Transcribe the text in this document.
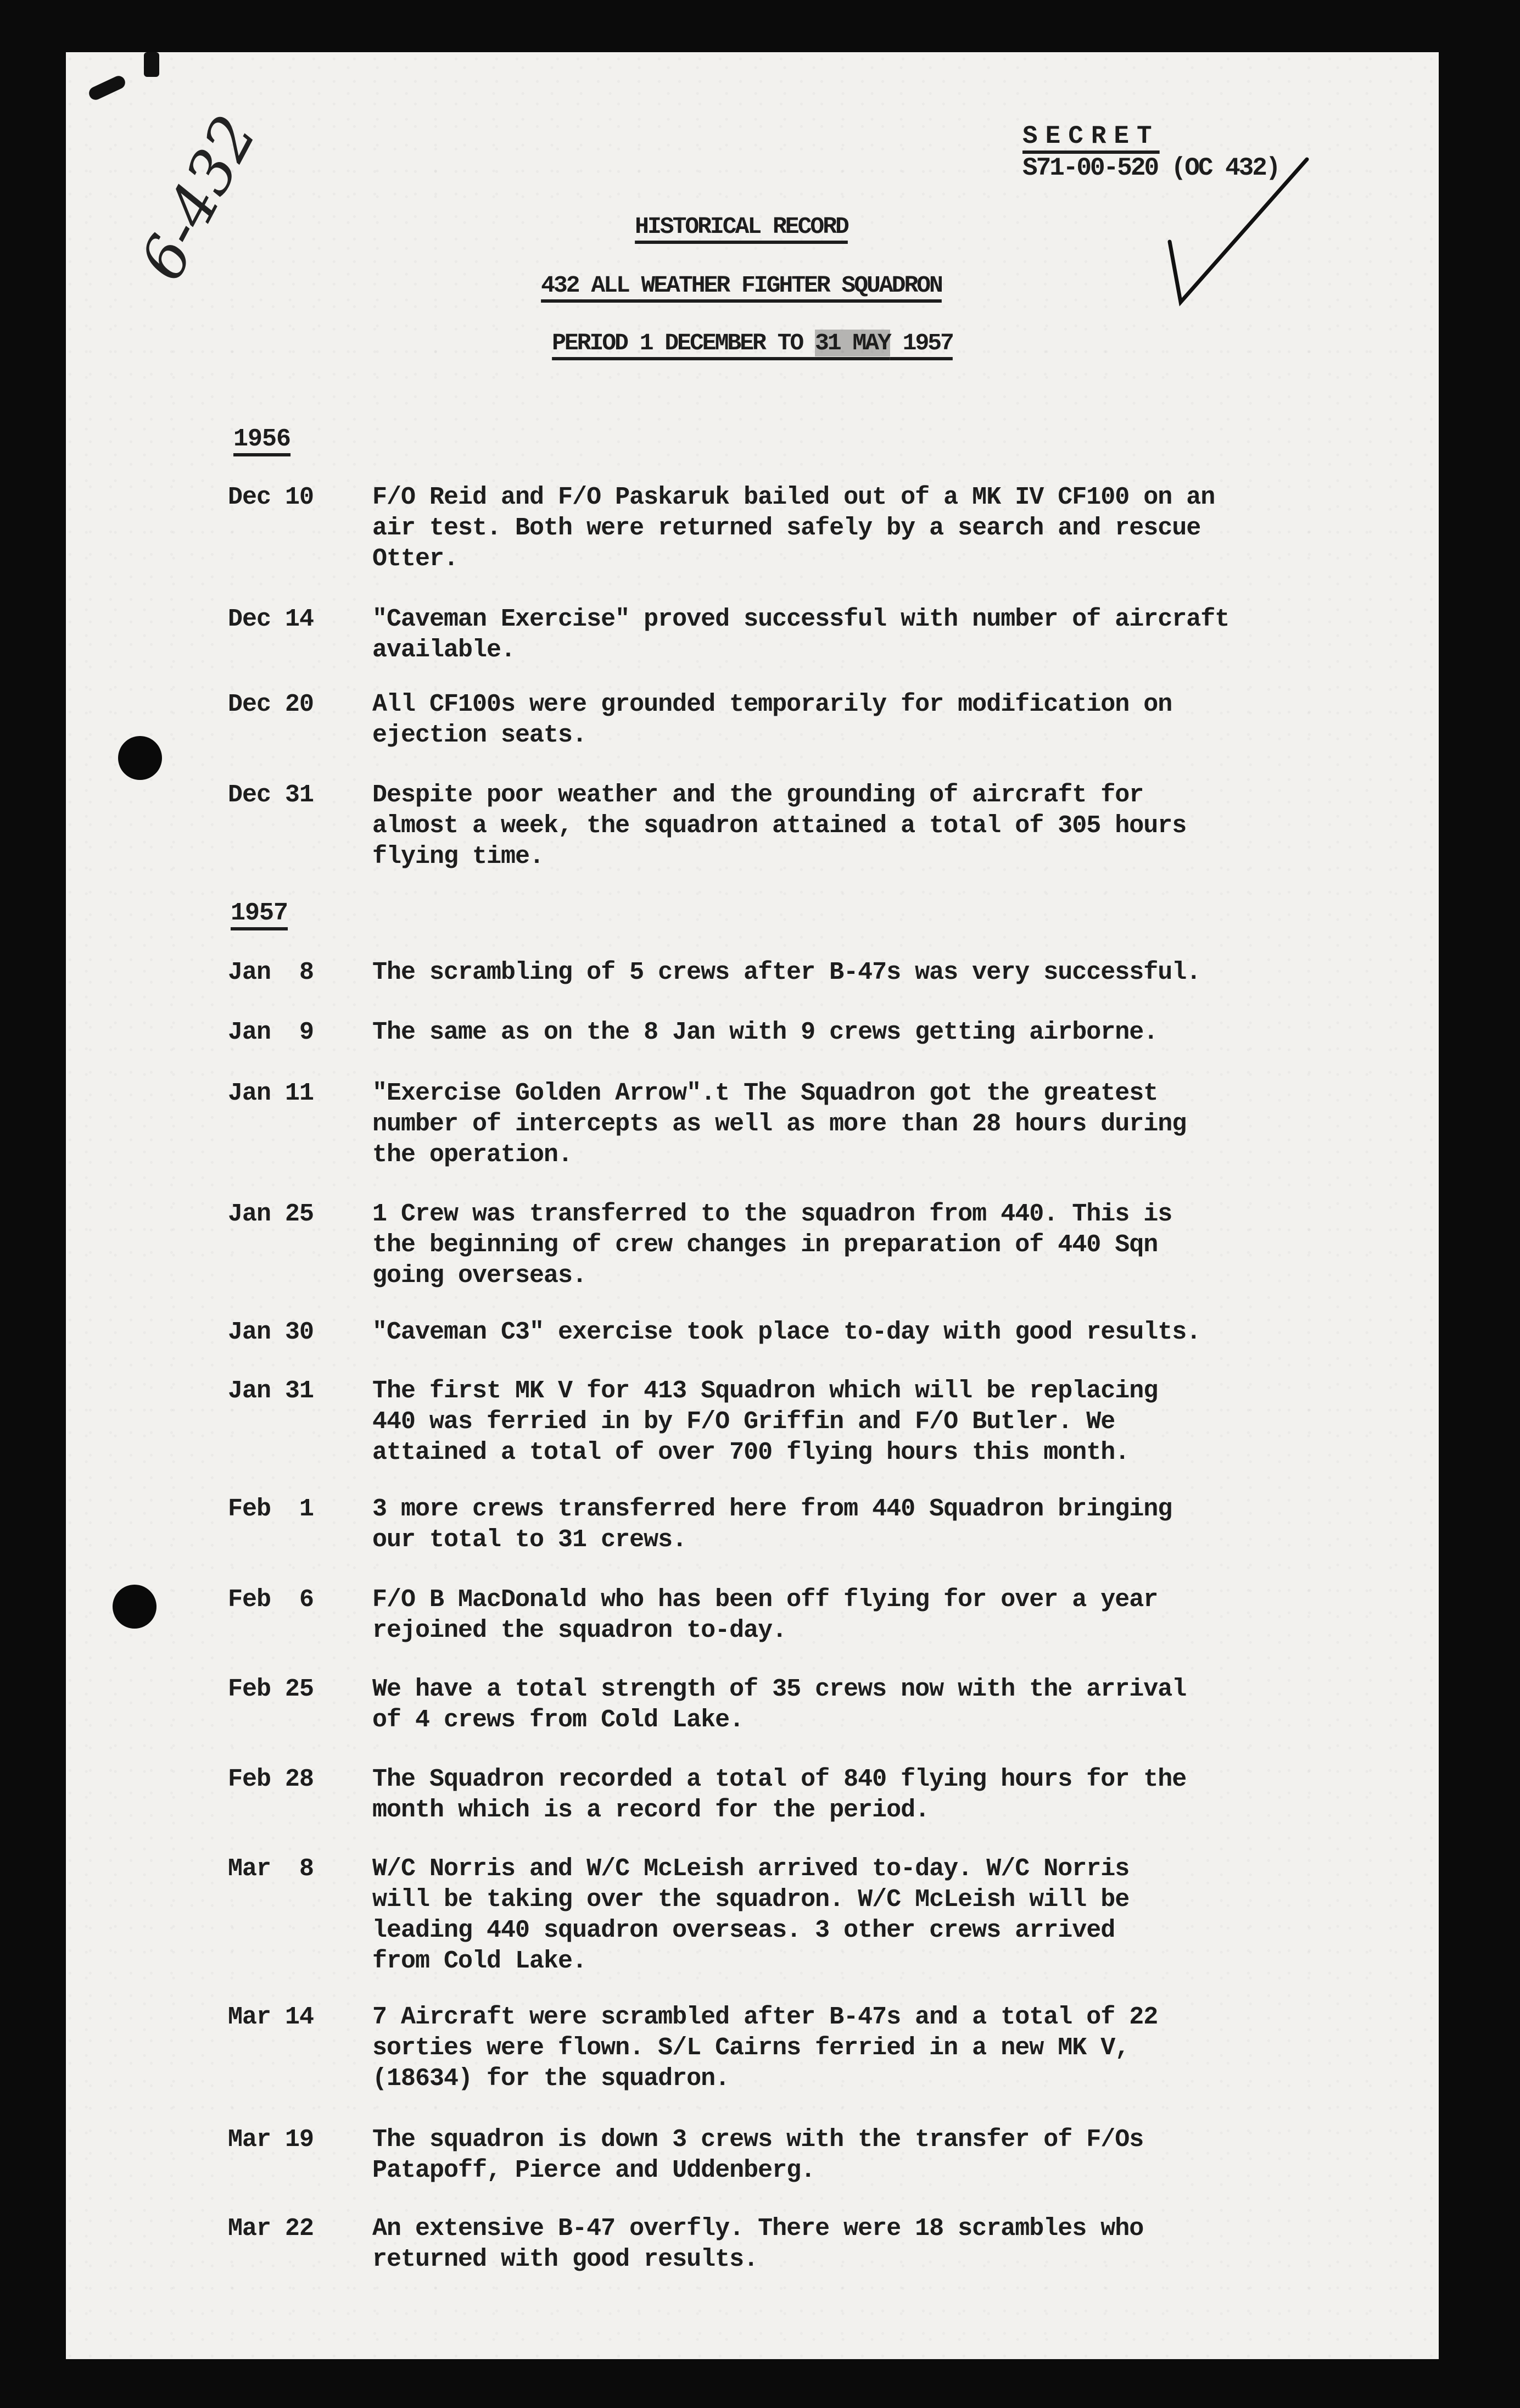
6-432	SECRET
S71-00-520 (OC 432)
HISTORICAL RECORD
432 ALL WEATHER FIGHTER SQUADRON
PERIOD 1 DECEMBER TO 31 MAY 1957
1956
Dec 10	F/O Reid and F/O Paskaruk bailed out of a MK IV CF100 on an
air test. Both were returned safely by a search and rescue
Otter.
Dec 14	"Caveman Exercise" proved successful with number of aircraft
available.
Dec 20	All CF100s were grounded temporarily for modification on
ejection seats.
Dec 31	Despite poor weather and the grounding of aircraft for
almost a week, the squadron attained a total of 305 hours
flying time.
1957
Jan  8	The scrambling of 5 crews after B-47s was very successful.
Jan  9	The same as on the 8 Jan with 9 crews getting airborne.
Jan 11	"Exercise Golden Arrow".t The Squadron got the greatest
number of intercepts as well as more than 28 hours during
the operation.
Jan 25	1 Crew was transferred to the squadron from 440. This is
the beginning of crew changes in preparation of 440 Sqn
going overseas.
Jan 30	"Caveman C3" exercise took place to-day with good results.
Jan 31	The first MK V for 413 Squadron which will be replacing
440 was ferried in by F/O Griffin and F/O Butler. We
attained a total of over 700 flying hours this month.
Feb  1	3 more crews transferred here from 440 Squadron bringing
our total to 31 crews.
Feb  6	F/O B MacDonald who has been off flying for over a year
rejoined the squadron to-day.
Feb 25	We have a total strength of 35 crews now with the arrival
of 4 crews from Cold Lake.
Feb 28	The Squadron recorded a total of 840 flying hours for the
month which is a record for the period.
Mar  8	W/C Norris and W/C McLeish arrived to-day. W/C Norris
will be taking over the squadron. W/C McLeish will be
leading 440 squadron overseas. 3 other crews arrived
from Cold Lake.
Mar 14	7 Aircraft were scrambled after B-47s and a total of 22
sorties were flown. S/L Cairns ferried in a new MK V,
(18634) for the squadron.
Mar 19	The squadron is down 3 crews with the transfer of F/Os
Patapoff, Pierce and Uddenberg.
Mar 22	An extensive B-47 overfly. There were 18 scrambles who
returned with good results.
